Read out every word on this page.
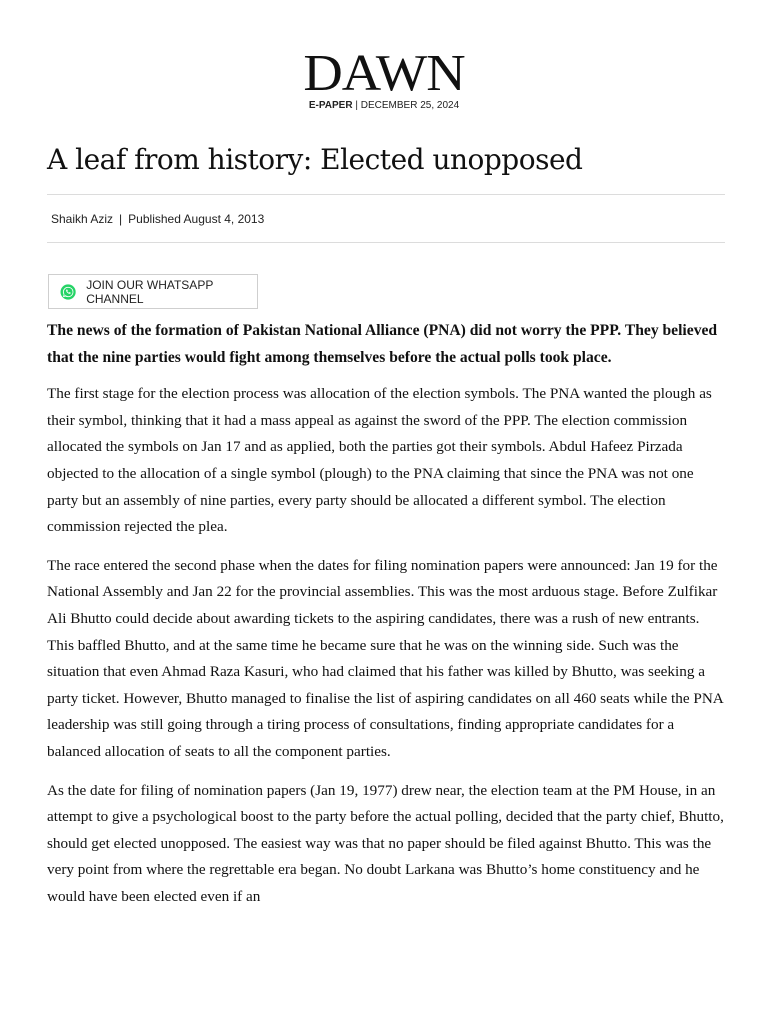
DAWN
E-PAPER | DECEMBER 25, 2024
A leaf from history: Elected unopposed
Shaikh Aziz | Published August 4, 2013
JOIN OUR WHATSAPP CHANNEL

The news of the formation of Pakistan National Alliance (PNA) did not worry the PPP. They believed that the nine parties would fight among themselves before the actual polls took place.

The first stage for the election process was allocation of the election symbols. The PNA wanted the plough as their symbol, thinking that it had a mass appeal as against the sword of the PPP. The election commission allocated the symbols on Jan 17 and as applied, both the parties got their symbols. Abdul Hafeez Pirzada objected to the allocation of a single symbol (plough) to the PNA claiming that since the PNA was not one party but an assembly of nine parties, every party should be allocated a different symbol. The election commission rejected the plea.

The race entered the second phase when the dates for filing nomination papers were announced: Jan 19 for the National Assembly and Jan 22 for the provincial assemblies. This was the most arduous stage. Before Zulfikar Ali Bhutto could decide about awarding tickets to the aspiring candidates, there was a rush of new entrants. This baffled Bhutto, and at the same time he became sure that he was on the winning side. Such was the situation that even Ahmad Raza Kasuri, who had claimed that his father was killed by Bhutto, was seeking a party ticket. However, Bhutto managed to finalise the list of aspiring candidates on all 460 seats while the PNA leadership was still going through a tiring process of consultations, finding appropriate candidates for a balanced allocation of seats to all the component parties.

As the date for filing of nomination papers (Jan 19, 1977) drew near, the election team at the PM House, in an attempt to give a psychological boost to the party before the actual polling, decided that the party chief, Bhutto, should get elected unopposed. The easiest way was that no paper should be filed against Bhutto. This was the very point from where the regrettable era began. No doubt Larkana was Bhutto’s home constituency and he would have been elected even if an
